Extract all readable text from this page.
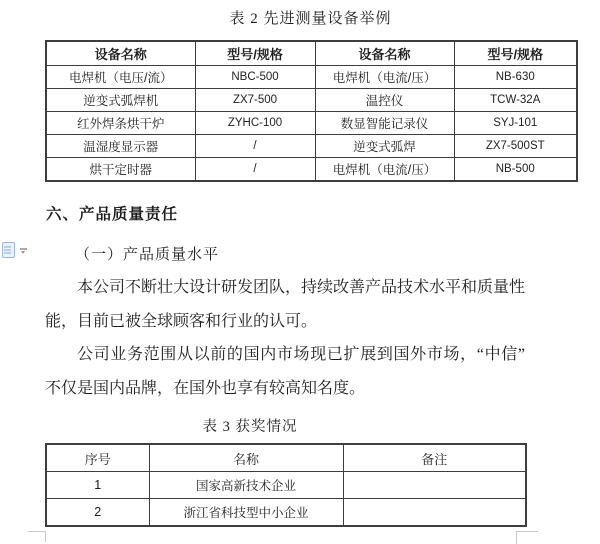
表 2 先进测量设备举例
设备名称	型号/规格	设备名称	型号/规格
电焊机（电压/流）	NBC-500	电焊机（电流/压）	NB-630
逆变式弧焊机	ZX7-500	温控仪	TCW-32A
红外焊条烘干炉	ZYHC-100	数显智能记录仪	SYJ-101
温湿度显示器	/	逆变式弧焊	ZX7-500ST
烘干定时器	/	电焊机（电流/压）	NB-500
六、产品质量责任
（一）产品质量水平
本公司不断壮大设计研发团队，持续改善产品技术水平和质量性
能，目前已被全球顾客和行业的认可。
公司业务范围从以前的国内市场现已扩展到国外市场，“中信”
不仅是国内品牌，在国外也享有较高知名度。
表 3 获奖情况
序号	名称	备注
1	国家高新技术企业	
2	浙江省科技型中小企业	
